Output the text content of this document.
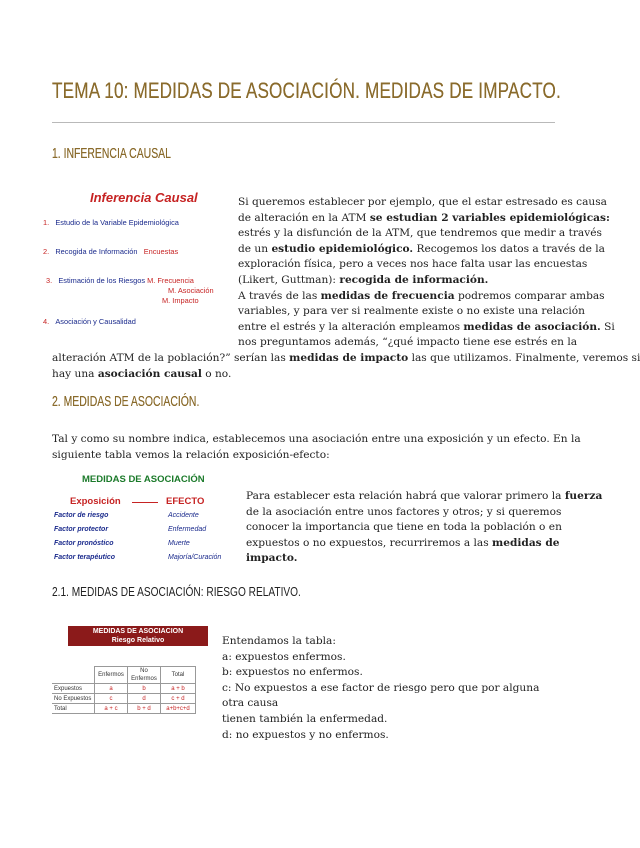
TEMA 10: MEDIDAS DE ASOCIACIÓN. MEDIDAS DE IMPACTO.
1. INFERENCIA CAUSAL
Inferencia Causal
1. Estudio de la Variable Epidemiológica
2. Recogida de Información Encuestas
3. Estimación de los Riesgos M. Frecuencia
M. Asociación
M. Impacto
4. Asociación y Causalidad
Si queremos establecer por ejemplo, que el estar estresado es causa
de alteración en la ATM se estudian 2 variables epidemiológicas:
estrés y la disfunción de la ATM, que tendremos que medir a través
de un estudio epidemiológico. Recogemos los datos a través de la
exploración física, pero a veces nos hace falta usar las encuestas
(Likert, Guttman): recogida de información.
A través de las medidas de frecuencia podremos comparar ambas
variables, y para ver si realmente existe o no existe una relación
entre el estrés y la alteración empleamos medidas de asociación. Si
nos preguntamos además, “¿qué impacto tiene ese estrés en la
alteración ATM de la población?” serían las medidas de impacto las que utilizamos. Finalmente, veremos si
hay una asociación causal o no.
2. MEDIDAS DE ASOCIACIÓN.
Tal y como su nombre indica, establecemos una asociación entre una exposición y un efecto. En la
siguiente tabla vemos la relación exposición-efecto:
MEDIDAS DE ASOCIACIÓN
Exposición	EFECTO
Factor de riesgo	Accidente
Factor protector	Enfermedad
Factor pronóstico	Muerte
Factor terapéutico	Majoría/Curación
Para establecer esta relación habrá que valorar primero la fuerza
de la asociación entre unos factores y otros; y si queremos
conocer la importancia que tiene en toda la población o en
expuestos o no expuestos, recurriremos a las medidas de
impacto.
2.1. MEDIDAS DE ASOCIACIÓN: RIESGO RELATIVO.
MEDIDAS DE ASOCIACION
Riesgo Relativo
	Enfermos	No Enfermos	Total
Expuestos	a	b	a + b
No Expuestos	c	d	c + d
Total	a + c	b + d	a+b+c+d
Entendamos la tabla:
a: expuestos enfermos.
b: expuestos no enfermos.
c: No expuestos a ese factor de riesgo pero que por alguna otra causa
tienen también la enfermedad.
d: no expuestos y no enfermos.
